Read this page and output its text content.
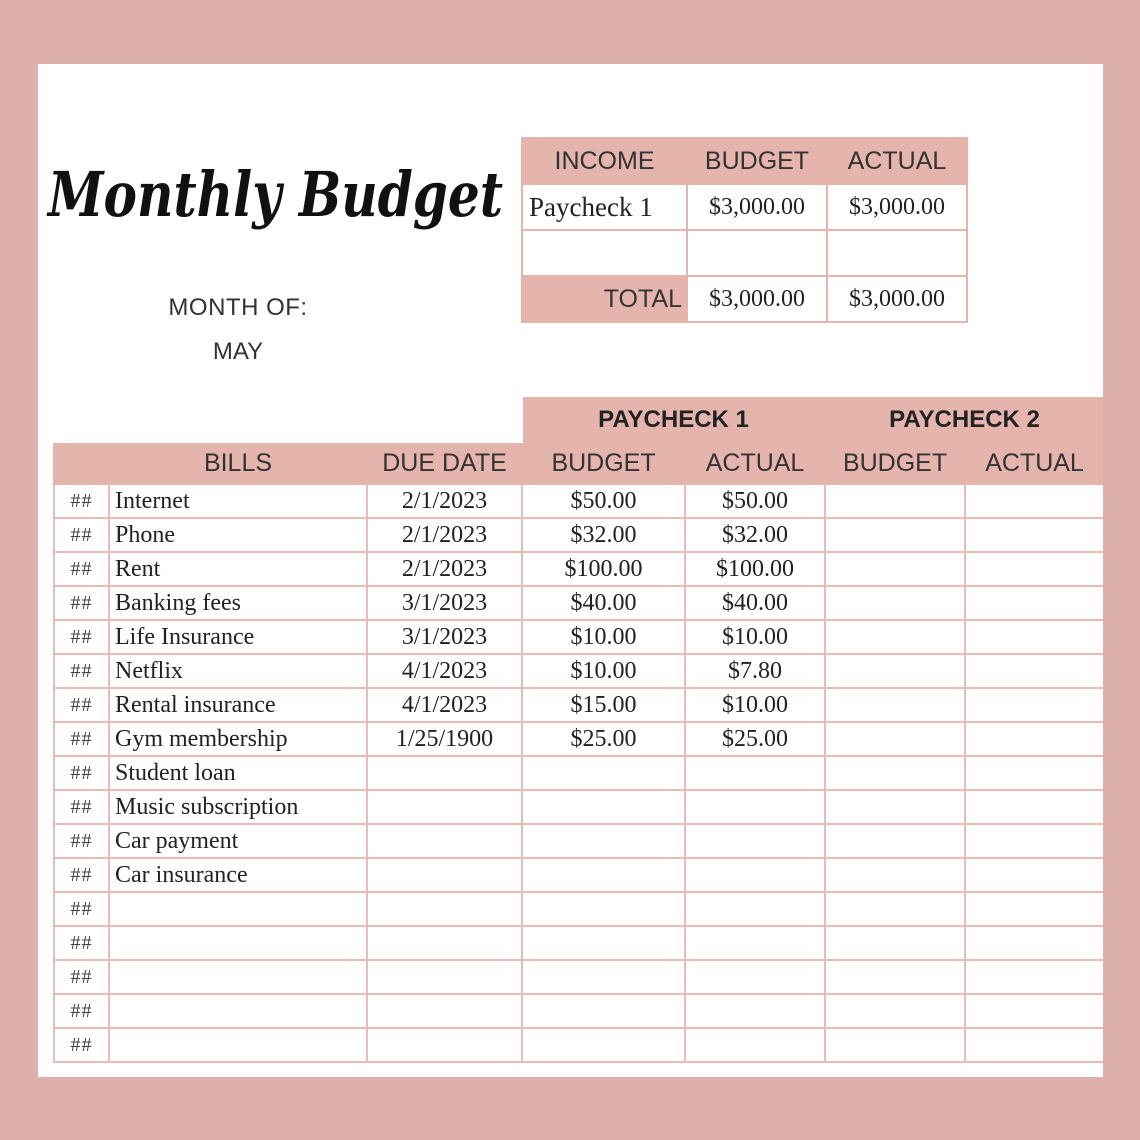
Monthly Budget
MONTH OF:
MAY
INCOME	BUDGET	ACTUAL
Paycheck 1	$3,000.00	$3,000.00

TOTAL	$3,000.00	$3,000.00
			PAYCHECK 1		PAYCHECK 2	
	BILLS	DUE DATE	BUDGET	ACTUAL	BUDGET	ACTUAL
##	Internet	2/1/2023	$50.00	$50.00		
##	Phone	2/1/2023	$32.00	$32.00		
##	Rent	2/1/2023	$100.00	$100.00		
##	Banking fees	3/1/2023	$40.00	$40.00		
##	Life Insurance	3/1/2023	$10.00	$10.00		
##	Netflix	4/1/2023	$10.00	$7.80		
##	Rental insurance	4/1/2023	$15.00	$10.00		
##	Gym membership	1/25/1900	$25.00	$25.00		
##	Student loan					
##	Music subscription					
##	Car payment					
##	Car insurance					
##						
##						
##						
##						
##						
